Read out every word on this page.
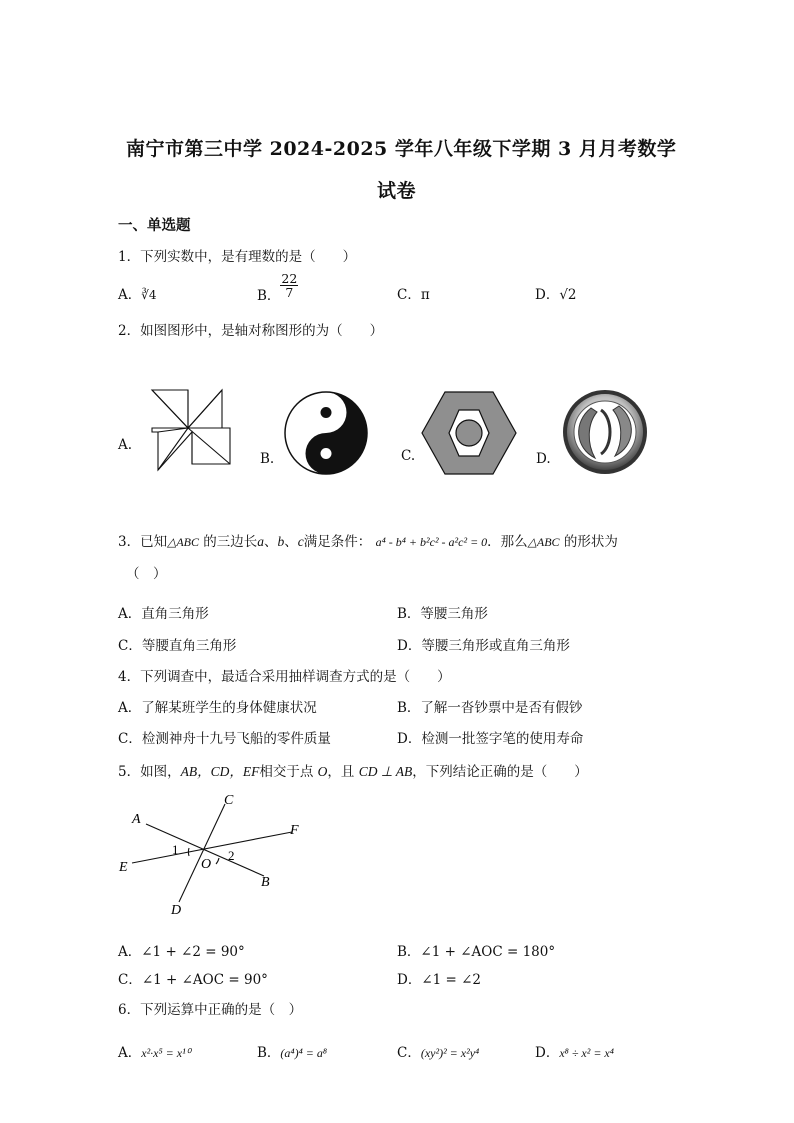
南宁市第三中学 2024-2025 学年八年级下学期 3 月月考数学
试卷
一、单选题
1．下列实数中，是有理数的是（　　）
A．∛4	B． $\frac{22}{7}$	C．π	D．√2
2．如图图形中，是轴对称图形的为（　　）
A.
B.	C.	D.
3．已知△ABC 的三边长a、b、c满足条件： a⁴ - b⁴ + b²c² - a²c² = 0．那么△ABC 的形状为
（　）
A．直角三角形	B．等腰三角形
C．等腰直角三角形	D．等腰三角形或直角三角形
4．下列调查中，最适合采用抽样调查方式的是（　　）
A．了解某班学生的身体健康状况	B．了解一沓钞票中是否有假钞
C．检测神舟十九号飞船的零件质量	D．检测一批签字笔的使用寿命
5．如图，AB，CD，EF相交于点 O，且 CD ⊥ AB，下列结论正确的是（　　）
A
C
F
E
B
D
O
1	2
A．∠1 + ∠2 = 90°	B．∠1 + ∠AOC = 180°
C．∠1 + ∠AOC = 90°	D．∠1 = ∠2
6．下列运算中正确的是（　）
A．x²·x⁵ = x¹⁰	B．(a⁴)⁴ = a⁸	C．(xy²)² = x²y⁴	D．x⁸ ÷ x² = x⁴
